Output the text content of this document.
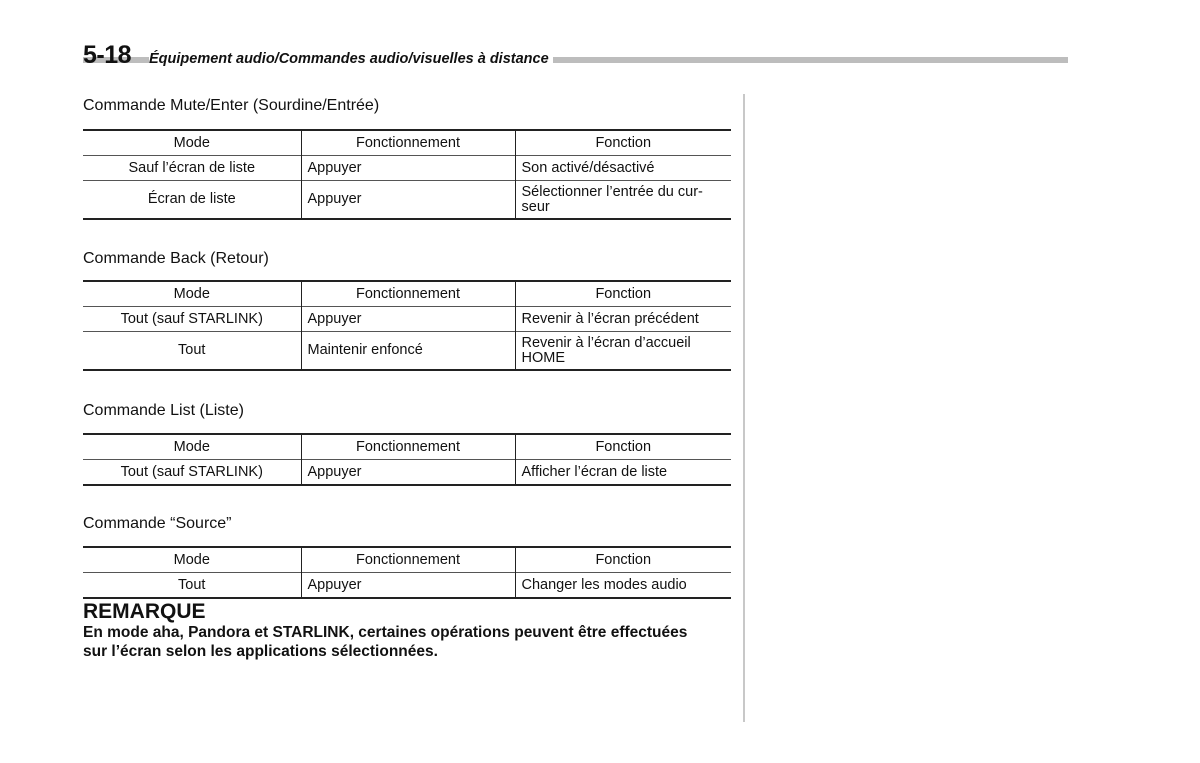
5-18 Équipement audio/Commandes audio/visuelles à distance
Commande Mute/Enter (Sourdine/Entrée)
Mode	Fonctionnement	Fonction
Sauf l’écran de liste	Appuyer	Son activé/désactivé
Écran de liste	Appuyer	Sélectionner l’entrée du cur-
seur
Commande Back (Retour)
Mode	Fonctionnement	Fonction
Tout (sauf STARLINK)	Appuyer	Revenir à l’écran précédent
Tout	Maintenir enfoncé	Revenir à l’écran d’accueil
HOME
Commande List (Liste)
Mode	Fonctionnement	Fonction
Tout (sauf STARLINK)	Appuyer	Afficher l’écran de liste
Commande “Source”
Mode	Fonctionnement	Fonction
Tout	Appuyer	Changer les modes audio
REMARQUE
En mode aha, Pandora et STARLINK, certaines opérations peuvent être effectuées
sur l’écran selon les applications sélectionnées.
